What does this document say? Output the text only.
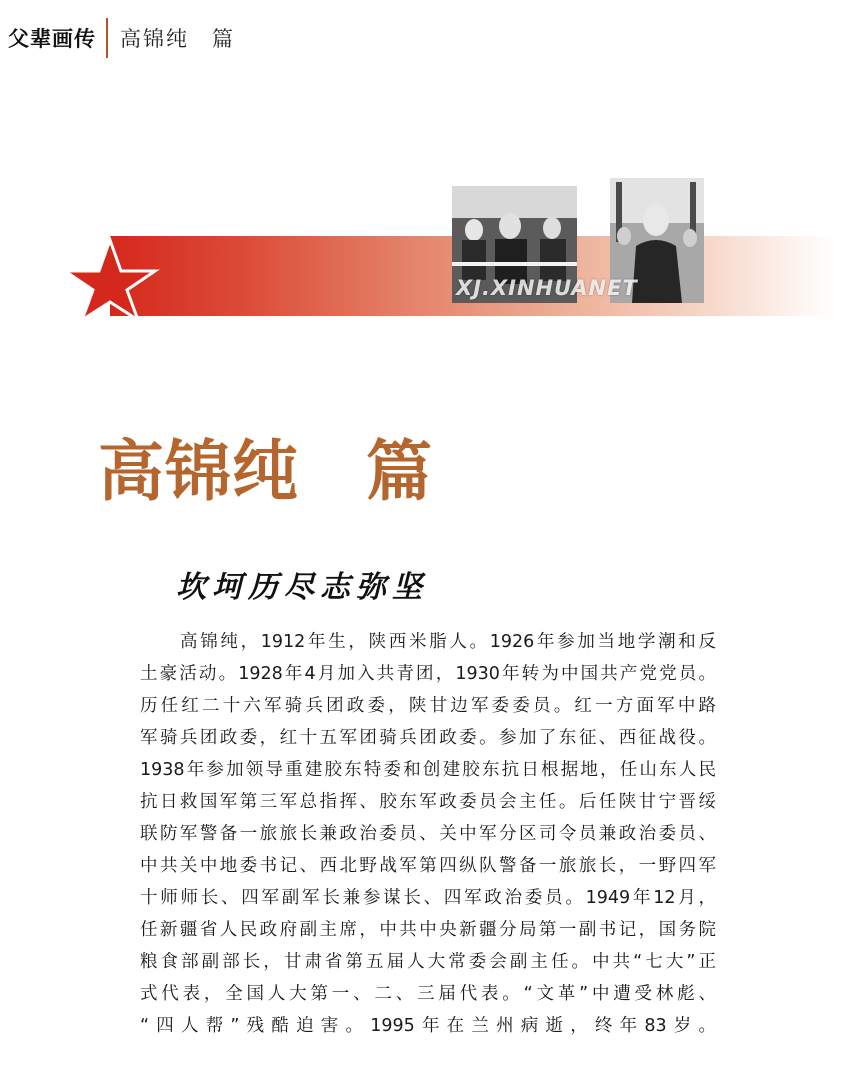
父辈画传 高锦纯　篇
XJ.XINHUANET
高锦纯　篇
坎坷历尽志弥坚
高锦纯，1912年生，陕西米脂人。1926年参加当地学潮和反
土豪活动。1928年4月加入共青团，1930年转为中国共产党党员。
历任红二十六军骑兵团政委，陕甘边军委委员。红一方面军中路
军骑兵团政委，红十五军团骑兵团政委。参加了东征、西征战役。
1938年参加领导重建胶东特委和创建胶东抗日根据地，任山东人民
抗日救国军第三军总指挥、胶东军政委员会主任。后任陕甘宁晋绥
联防军警备一旅旅长兼政治委员、关中军分区司令员兼政治委员、
中共关中地委书记、西北野战军第四纵队警备一旅旅长，一野四军
十师师长、四军副军长兼参谋长、四军政治委员。1949年12月，
任新疆省人民政府副主席，中共中央新疆分局第一副书记，国务院
粮食部副部长，甘肃省第五届人大常委会副主任。中共“七大”正
式代表，全国人大第一、二、三届代表。“文革”中遭受林彪、
“四人帮”残酷迫害。1995年在兰州病逝，终年83岁。
